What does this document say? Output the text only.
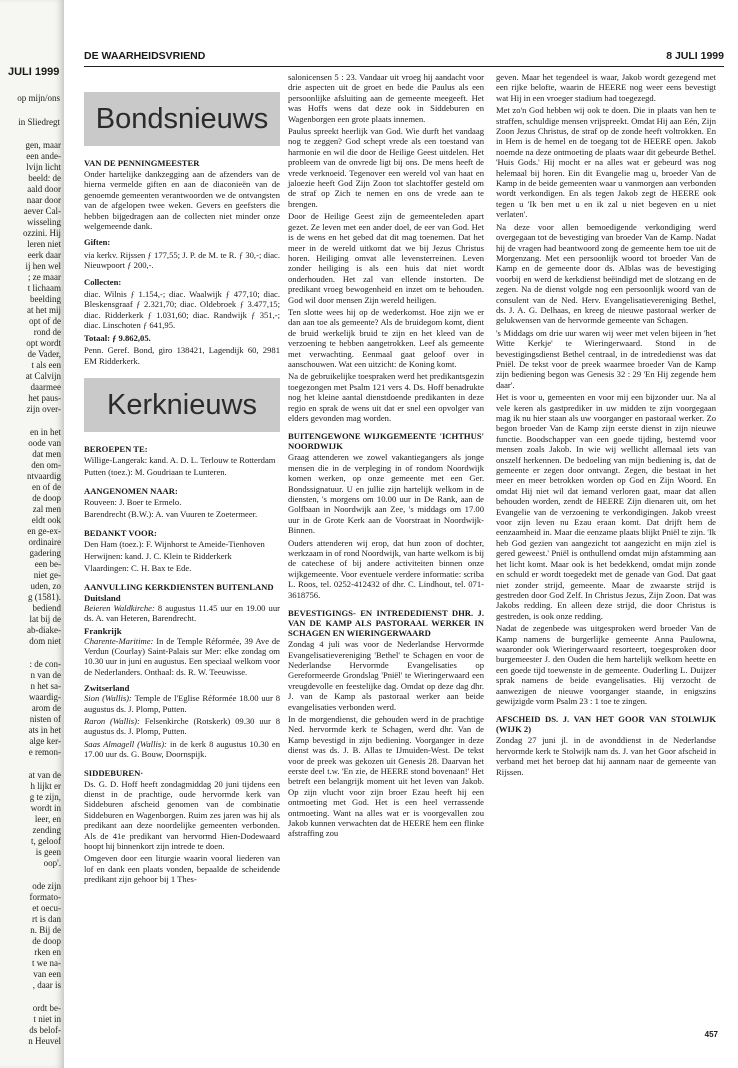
JULI 1999
op mijn/ons
in Sliedregt
gen, maar
een ande-
lvijn licht
beeld: de
aald door
naar door
aever Cal-
wisseling
ozzini. Hij
leren niet
eerk daar
ij hen wel
; ze maar
t lichaam
beelding
at het mij
opt of de
rond de
opt wordt
de Vader,
t als een
at Calvijn
daarmee
het paus-
zijn over-
en in het
oode van
dat men
den om-
ntvaardig
en of de
de doop
zal men
eldt ook
en ge-ex-
ordinaire
gadering
een be-
niet ge-
uden, zo
g (1581).
bediend
lat bij de
ab-diake-
dom niet
: de con-
n van de
n het sa-
waardig-
arom de
nisten of
ats in het
alge ker-
e remon-
at van de
h lijkt er
g te zijn,
wordt in
leer, en
zending
t, geloof
is geen
oop'.
ode zijn
formato-
et oecu-
rt is dan
n. Bij de
de doop
rken en
t we na-
van een
, daar is
ordt be-
t niet in
ds belof-
n Heuvel
DE WAARHEIDSVRIEND	8 JULI 1999
Bondsnieuws
VAN DE PENNINGMEESTER

Onder hartelijke dankzegging aan de afzenders van de hierna vermelde giften en aan de diaconieën van de genoemde gemeenten verantwoorden we de ontvangsten van de afgelopen twee weken. Gevers en geefsters die hebben bijgedragen aan de collecten niet minder onze welgemeende dank.

Giften:

via kerkv. Rijssen ƒ 177,55; J. P. de M. te R. ƒ 30,-; diac. Nieuwpoort ƒ 200,-.

Collecten:

diac. Wilnis ƒ 1.154,-; diac. Waalwijk ƒ 477,10; diac. Bleskensgraaf ƒ 2.321,70; diac. Oldebroek ƒ 3.477,15; diac. Ridderkerk ƒ 1.031,60; diac. Randwijk ƒ 351,-; diac. Linschoten ƒ 641,95.

Totaal: ƒ 9.862,05.

Penn. Geref. Bond, giro 138421, Lagendijk 60, 2981 EM Ridderkerk.

Kerknieuws
BEROEPEN TE:

Willige-Langerak: kand. A. D. L. Terlouw te Rotterdam

Putten (toez.): M. Goudriaan te Lunteren.

AANGENOMEN NAAR:

Rouveen: J. Boer te Ermelo.

Barendrecht (B.W.): A. van Vuuren te Zoetermeer.

BEDANKT VOOR:

Den Ham (toez.): F. Wijnhorst te Ameide-Tienhoven

Herwijnen: kand. J. C. Klein te Ridderkerk

Vlaardingen: C. H. Bax te Ede.

AANVULLING KERKDIENSTEN BUITENLAND
Duitsland

Beieren Waldkirche: 8 augustus 11.45 uur en 19.00 uur ds. A. van Heteren, Barendrecht.

Frankrijk

Charente-Maritime: In de Temple Réformée, 39 Ave de Verdun (Courlay) Saint-Palais sur Mer: elke zondag om 10.30 uur in juni en augustus. Een speciaal welkom voor de Nederlanders. Onthaal: ds. R. W. Teeuwisse.

Zwitserland

Sion (Wallis): Temple de l'Eglise Réformée 18.00 uur 8 augustus ds. J. Plomp, Putten.

Raron (Wallis): Felsenkirche (Rotskerk) 09.30 uur 8 augustus ds. J. Plomp, Putten.

Saas Almagell (Wallis): in de kerk 8 augustus 10.30 en 17.00 uur ds. G. Bouw, Doornspijk.

SIDDEBUREN·

Ds. G. D. Hoff heeft zondagmiddag 20 juni tijdens een dienst in de prachtige, oude hervormde kerk van Siddeburen afscheid genomen van de combinatie Siddeburen en Wagenborgen. Ruim zes jaren was hij als predikant aan deze noordelijke gemeenten verbonden. Als de 41e predikant van hervormd Hien-Dodewaard hoopt hij binnenkort zijn intrede te doen.

Omgeven door een liturgie waarin vooral liederen van lof en dank een plaats vonden, bepaalde de scheidende predikant zijn gehoor bij 1 Thes-

salonicensen 5 : 23. Vandaar uit vroeg hij aandacht voor drie aspecten uit de groet en bede die Paulus als een persoonlijke afsluiting aan de gemeente meegeeft. Het was Hoffs wens dat deze ook in Siddeburen en Wagenborgen een grote plaats innemen.

Paulus spreekt heerlijk van God. Wie durft het vandaag nog te zeggen? God schept vrede als een toestand van harmonie en wil die door de Heilige Geest uitdelen. Het probleem van de onvrede ligt bij ons. De mens heeft de vrede verknoeid. Tegenover een wereld vol van haat en jaloezie heeft God Zijn Zoon tot slachtoffer gesteld om de straf op Zich te nemen en ons de vrede aan te brengen.

Door de Heilige Geest zijn de gemeenteleden apart gezet. Ze leven met een ander doel, de eer van God. Het is de wens en het gebed dat dit mag toenemen. Dat het meer in de wereld uitkomt dat we bij Jezus Christus horen. Heiliging omvat alle levensterreinen. Leven zonder heiliging is als een huis dat niet wordt onderhouden. Het zal van ellende instorten. De predikant vroeg bewogenheid en inzet om te behouden. God wil door mensen Zijn wereld heiligen.

Ten slotte wees hij op de wederkomst. Hoe zijn we er dan aan toe als gemeente? Als de bruidegom komt, dient de bruid werkelijk bruid te zijn en het kleed van de verzoening te hebben aangetrokken. Leef als gemeente met verwachting. Eenmaal gaat geloof over in aanschouwen. Wat een uitzicht: de Koning komt.

Na de gebruikelijke toespraken werd het predikantsgezin toegezongen met Psalm 121 vers 4. Ds. Hoff benadrukte nog het kleine aantal dienstdoende predikanten in deze regio en sprak de wens uit dat er snel een opvolger van elders gevonden mag worden.

BUITENGEWONE WIJKGEMEENTE 'ICHTHUS' NOORDWIJK

Graag attenderen we zowel vakantiegangers als jonge mensen die in de verpleging in of rondom Noordwijk komen werken, op onze gemeente met een Ger. Bondssignatuur. U en jullie zijn hartelijk welkom in de diensten, 's morgens om 10.00 uur in De Rank, aan de Golfbaan in Noordwijk aan Zee, 's middags om 17.00 uur in de Grote Kerk aan de Voorstraat in Noordwijk-Binnen.

Ouders attenderen wij erop, dat hun zoon of dochter, werkzaam in of rond Noordwijk, van harte welkom is bij de catechese of bij andere activiteiten binnen onze wijkgemeente. Voor eventuele verdere informatie: scriba L. Roos, tel. 0252-412432 of dhr. C. Lindhout, tel. 071-3618756.

BEVESTIGINGS- EN INTREDEDIENST DHR. J. VAN DE KAMP ALS PASTORAAL WERKER IN SCHAGEN EN WIERINGERWAARD

Zondag 4 juli was voor de Nederlandse Hervormde Evangelisatievereniging 'Bethel' te Schagen en voor de Nederlandse Hervormde Evangelisaties op Gereformeerde Grondslag 'Pniël' te Wieringerwaard een vreugdevolle en feestelijke dag. Omdat op deze dag dhr. J. van de Kamp als pastoraal werker aan beide evangelisaties verbonden werd.

In de morgendienst, die gehouden werd in de prachtige Ned. hervormde kerk te Schagen, werd dhr. Van de Kamp bevestigd in zijn bediening. Voorganger in deze dienst was ds. J. B. Allas te IJmuiden-West. De tekst voor de preek was gekozen uit Genesis 28. Daarvan het eerste deel t.w. 'En zie, de HEERE stond bovenaan!' Het betreft een belangrijk moment uit het leven van Jakob. Op zijn vlucht voor zijn broer Ezau heeft hij een ontmoeting met God. Het is een heel verrassende ontmoeting. Want na alles wat er is voorgevallen zou Jakob kunnen verwachten dat de HEERE hem een flinke afstraffing zou

geven. Maar het tegendeel is waar, Jakob wordt gezegend met een rijke belofte, waarin de HEERE nog weer eens bevestigt wat Hij in een vroeger stadium had toegezegd.

Met zo'n God hebben wij ook te doen. Die in plaats van hen te straffen, schuldige mensen vrijspreekt. Omdat Hij aan Eén, Zijn Zoon Jezus Christus, de straf op de zonde heeft voltrokken. En in Hem is de hemel en de toegang tot de HEERE open. Jakob noemde na deze ontmoeting de plaats waar dit gebeurde Bethel. 'Huis Gods.' Hij mocht er na alles wat er gebeurd was nog helemaal bij horen. Ein dit Evangelie mag u, broeder Van de Kamp in de beide gemeenten waar u vanmorgen aan verbonden wordt verkondigen. En als tegen Jakob zegt de HEERE ook tegen u 'Ik ben met u en ik zal u niet begeven en u niet verlaten'.

Na deze voor allen bemoedigende verkondiging werd overgegaan tot de bevestiging van broeder Van de Kamp. Nadat hij de vragen had beantwoord zong de gemeente hem toe uit de Morgenzang. Met een persoonlijk woord tot broeder Van de Kamp en de gemeente door ds. Alblas was de bevestiging voorbij en werd de kerkdienst beëindigd met de slotzang en de zegen. Na de dienst volgde nog een persoonlijk woord van de consulent van de Ned. Herv. Evangelisatievereniging Bethel, ds. J. A. G. Delhaas, en kreeg de nieuwe pastoraal werker de gelukwensen van de hervormde gemeente van Schagen.

's Middags om drie uur waren wij weer met velen bijeen in 'het Witte Kerkje' te Wieringerwaard. Stond in de bevestigingsdienst Bethel centraal, in de intrededienst was dat Pniël. De tekst voor de preek waarmee broeder Van de Kamp zijn bediening begon was Genesis 32 : 29 'En Hij zegende hem daar'.

Het is voor u, gemeenten en voor mij een bijzonder uur. Na al vele keren als gastprediker in uw midden te zijn voorgegaan mag ik nu hier staan als uw voorganger en pastoraal werker. Zo begon broeder Van de Kamp zijn eerste dienst in zijn nieuwe functie. Boodschapper van een goede tijding, bestemd voor mensen zoals Jakob. In wie wij wellicht allemaal iets van onszelf herkennen. De bedoeling van mijn bediening is, dat de gemeente er zegen door ontvangt. Zegen, die bestaat in het meer en meer betrokken worden op God en Zijn Woord. En omdat Hij niet wil dat iemand verloren gaat, maar dat allen behouden worden, zendt de HEERE Zijn dienaren uit, om het Evangelie van de verzoening te verkondigingen. Jakob vreest voor zijn leven nu Ezau eraan komt. Dat drijft hem de eenzaamheid in. Maar die eenzame plaats blijkt Pniël te zijn. 'Ik heb God gezien van aangezicht tot aangezicht en mijn ziel is gered geweest.' Pniël is onthullend omdat mijn afstamming aan het licht komt. Maar ook is het bedekkend, omdat mijn zonde en schuld er wordt toegedekt met de genade van God. Dat gaat niet zonder strijd, gemeente. Maar de zwaarste strijd is gestreden door God Zelf. In Christus Jezus, Zijn Zoon. Dat was Jakobs redding. En alleen deze strijd, die door Christus is gestreden, is ook onze redding.

Nadat de zegenbede was uitgesproken werd broeder Van de Kamp namens de burgerlijke gemeente Anna Paulowna, waaronder ook Wieringerwaard resorteert, toegesproken door burgemeester J. den Ouden die hem hartelijk welkom heette en een goede tijd toewenste in de gemeente. Ouderling L. Duijzer sprak namens de beide evangelisaties. Hij verzocht de aanwezigen de nieuwe voorganger staande, in enigszins gewijzigde vorm Psalm 23 : 1 toe te zingen.

AFSCHEID DS. J. VAN HET GOOR VAN STOLWIJK (WIJK 2)

Zondag 27 juni jl. in de avonddienst in de Nederlandse hervormde kerk te Stolwijk nam ds. J. van het Goor afscheid in verband met het beroep dat hij aannam naar de gemeente van Rijssen.

457
